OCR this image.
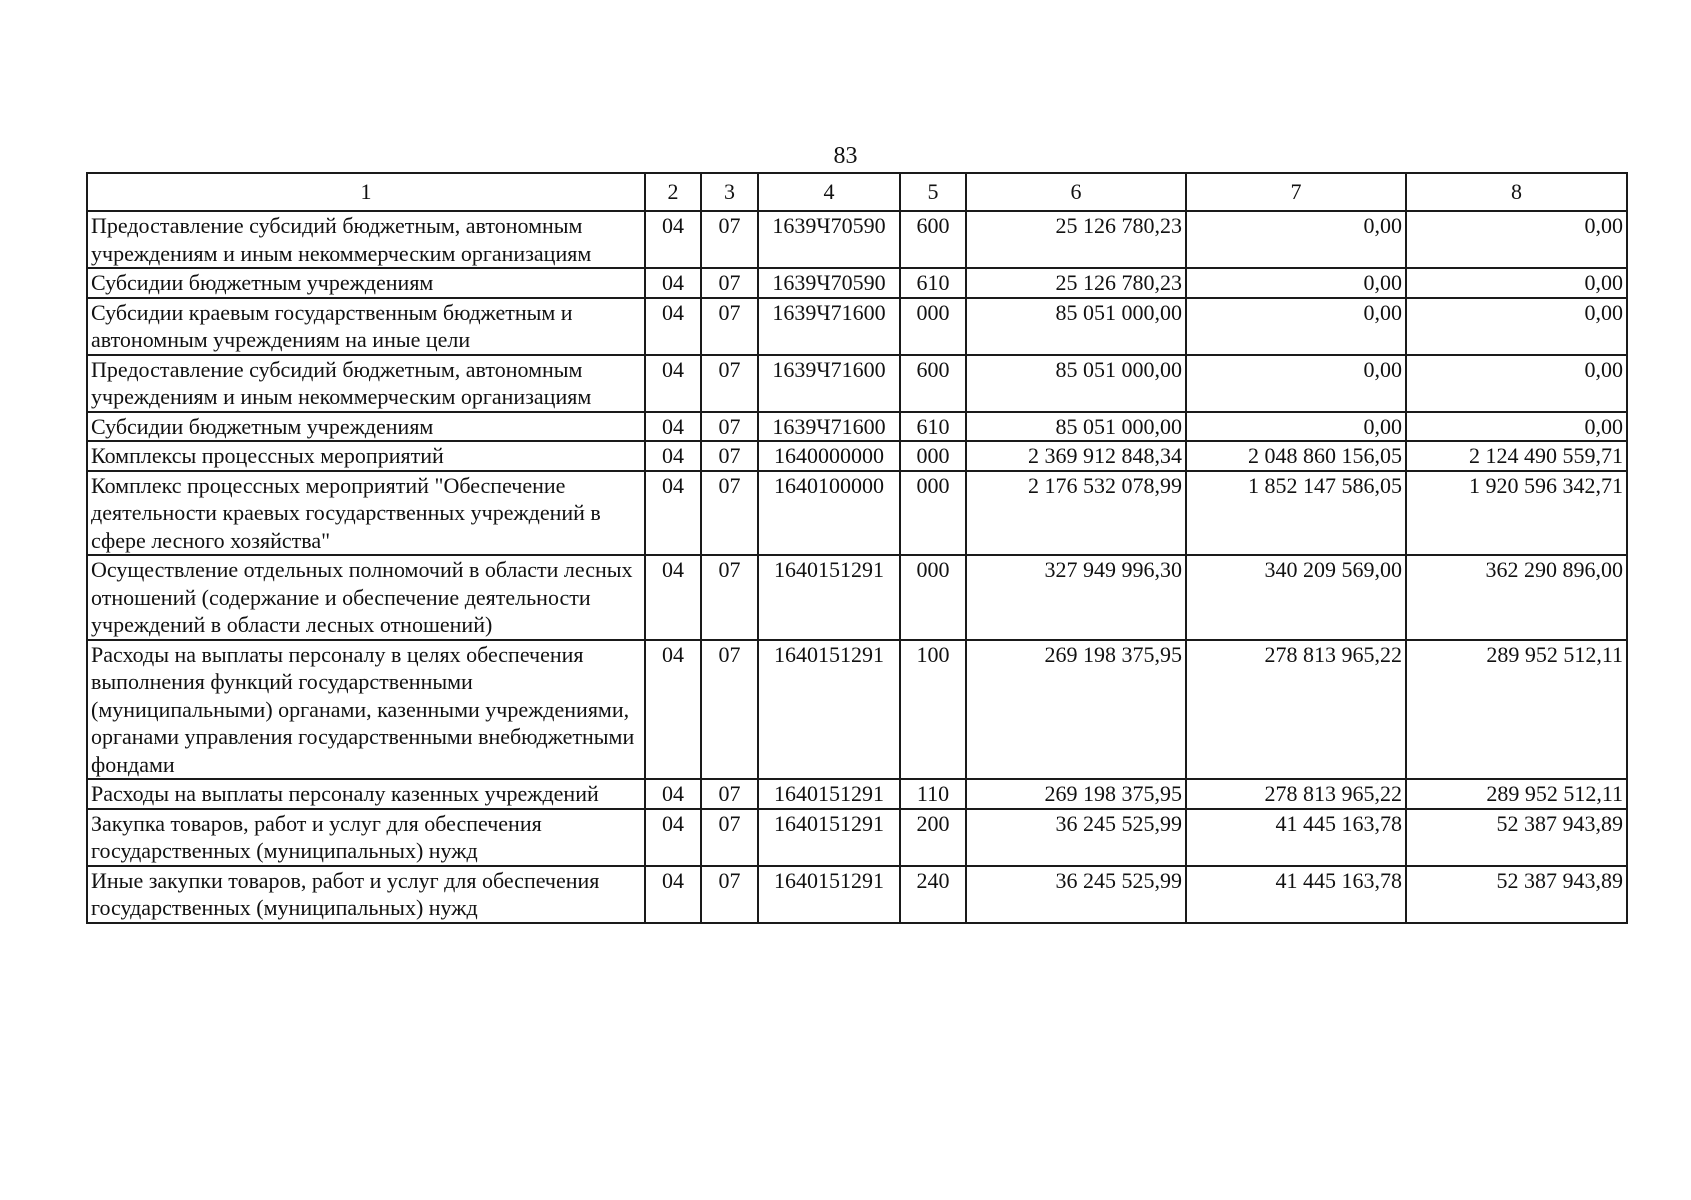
83
1	2	3	4	5	6	7	8
Предоставление субсидий бюджетным, автономным учреждениям и иным некоммерческим организациям	04	07	1639Ч70590	600	25 126 780,23	0,00	0,00
Субсидии бюджетным учреждениям	04	07	1639Ч70590	610	25 126 780,23	0,00	0,00
Субсидии краевым государственным бюджетным и автономным учреждениям на иные цели	04	07	1639Ч71600	000	85 051 000,00	0,00	0,00
Предоставление субсидий бюджетным, автономным учреждениям и иным некоммерческим организациям	04	07	1639Ч71600	600	85 051 000,00	0,00	0,00
Субсидии бюджетным учреждениям	04	07	1639Ч71600	610	85 051 000,00	0,00	0,00
Комплексы процессных мероприятий	04	07	1640000000	000	2 369 912 848,34	2 048 860 156,05	2 124 490 559,71
Комплекс процессных мероприятий "Обеспечение деятельности краевых государственных учреждений в сфере лесного хозяйства"	04	07	1640100000	000	2 176 532 078,99	1 852 147 586,05	1 920 596 342,71
Осуществление отдельных полномочий в области лесных отношений (содержание и обеспечение деятельности учреждений в области лесных отношений)	04	07	1640151291	000	327 949 996,30	340 209 569,00	362 290 896,00
Расходы на выплаты персоналу в целях обеспечения выполнения функций государственными (муниципальными) органами, казенными учреждениями, органами управления государственными внебюджетными фондами	04	07	1640151291	100	269 198 375,95	278 813 965,22	289 952 512,11
Расходы на выплаты персоналу казенных учреждений	04	07	1640151291	110	269 198 375,95	278 813 965,22	289 952 512,11
Закупка товаров, работ и услуг для обеспечения государственных (муниципальных) нужд	04	07	1640151291	200	36 245 525,99	41 445 163,78	52 387 943,89
Иные закупки товаров, работ и услуг для обеспечения государственных (муниципальных) нужд	04	07	1640151291	240	36 245 525,99	41 445 163,78	52 387 943,89
